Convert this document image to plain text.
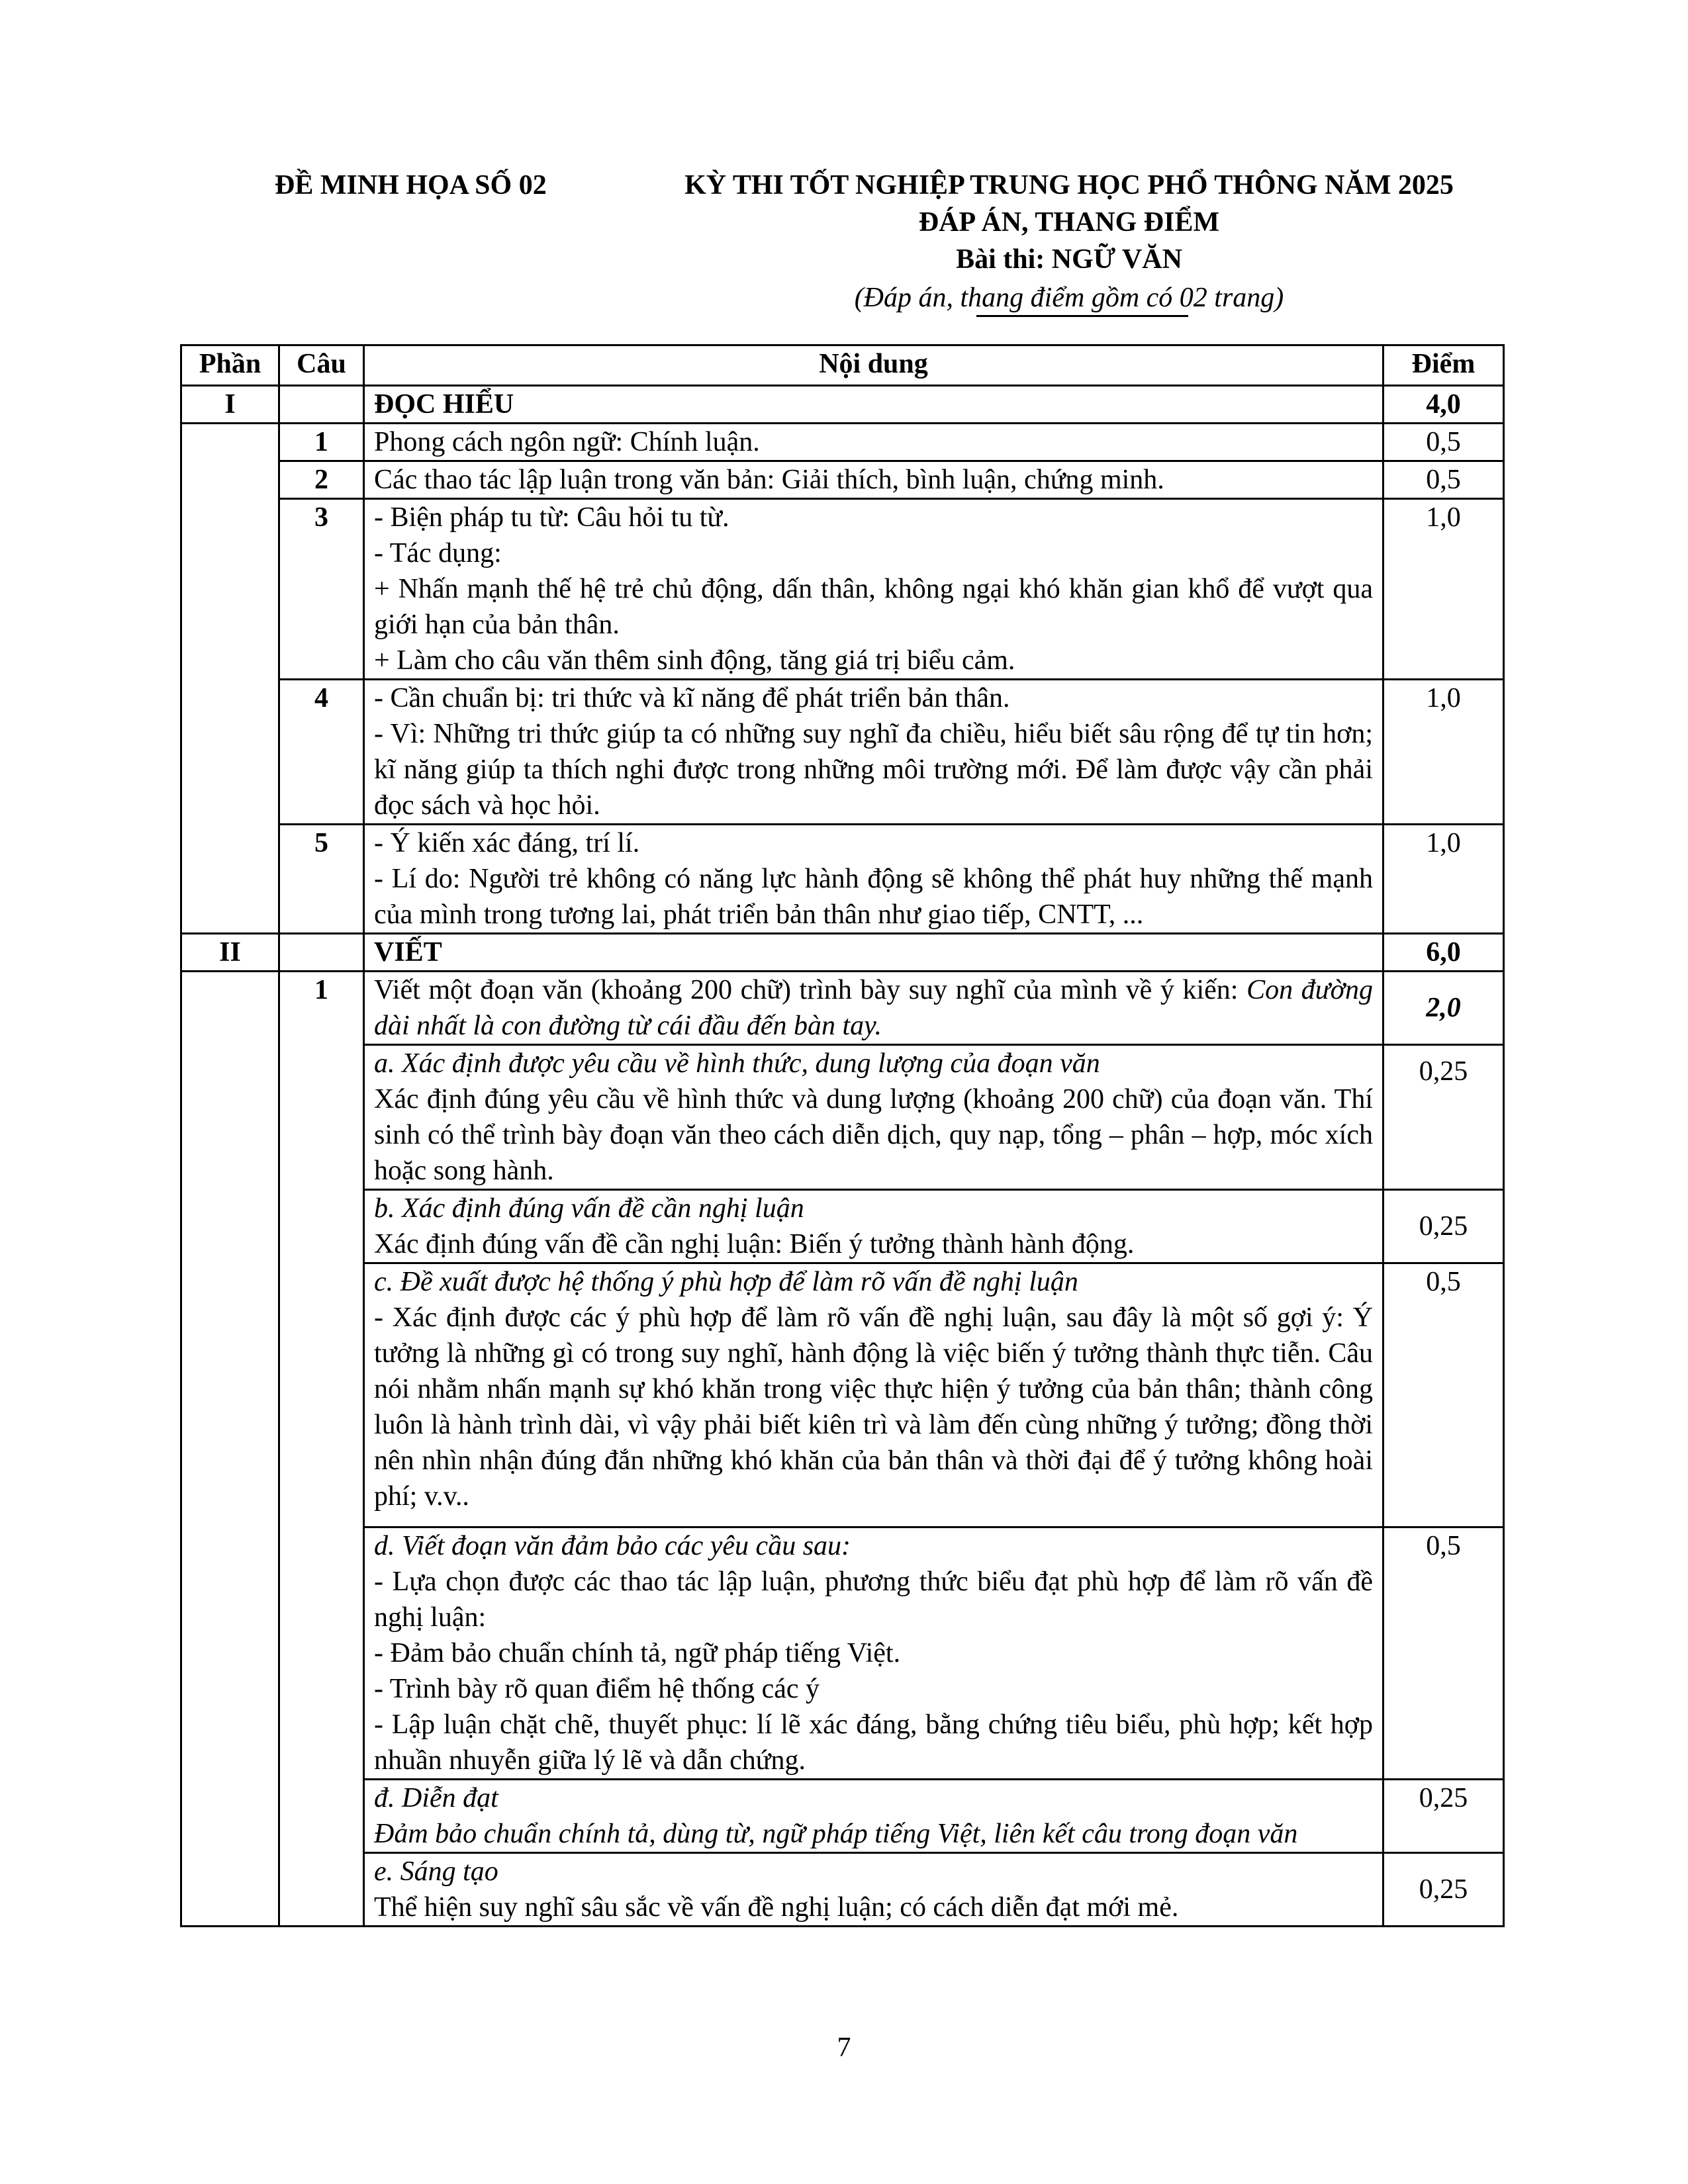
ĐỀ MINH HỌA SỐ 02	KỲ THI TỐT NGHIỆP TRUNG HỌC PHỔ THÔNG NĂM 2025
ĐÁP ÁN, THANG ĐIỂM
Bài thi: NGỮ VĂN
(Đáp án, thang điểm gồm có 02 trang)
Phần	Câu	Nội dung	Điểm
I		ĐỌC HIỂU	4,0
	1	Phong cách ngôn ngữ: Chính luận.	0,5
	2	Các thao tác lập luận trong văn bản: Giải thích, bình luận, chứng minh.	0,5
	3	- Biện pháp tu từ: Câu hỏi tu từ.
- Tác dụng:
+ Nhấn mạnh thế hệ trẻ chủ động, dấn thân, không ngại khó khăn gian khổ để vượt qua giới hạn của bản thân.
+ Làm cho câu văn thêm sinh động, tăng giá trị biểu cảm.	1,0
	4	- Cần chuẩn bị: tri thức và kĩ năng để phát triển bản thân.
- Vì: Những tri thức giúp ta có những suy nghĩ đa chiều, hiểu biết sâu rộng để tự tin hơn; kĩ năng giúp ta thích nghi được trong những môi trường mới. Để làm được vậy cần phải đọc sách và học hỏi.	1,0
	5	- Ý kiến xác đáng, trí lí.
- Lí do: Người trẻ không có năng lực hành động sẽ không thể phát huy những thế mạnh của mình trong tương lai, phát triển bản thân như giao tiếp, CNTT, ...	1,0
II		VIẾT	6,0
	1	Viết một đoạn văn (khoảng 200 chữ) trình bày suy nghĩ của mình về ý kiến: Con đường dài nhất là con đường từ cái đầu đến bàn tay.	2,0

		a. Xác định được yêu cầu về hình thức, dung lượng của đoạn văn
Xác định đúng yêu cầu về hình thức và dung lượng (khoảng 200 chữ) của đoạn văn. Thí sinh có thể trình bày đoạn văn theo cách diễn dịch, quy nạp, tổng – phân – hợp, móc xích hoặc song hành.	0,25

		b. Xác định đúng vấn đề cần nghị luận
Xác định đúng vấn đề cần nghị luận: Biến ý tưởng thành hành động.	0,25

		c. Đề xuất được hệ thống ý phù hợp để làm rõ vấn đề nghị luận
- Xác định được các ý phù hợp để làm rõ vấn đề nghị luận, sau đây là một số gợi ý: Ý tưởng là những gì có trong suy nghĩ, hành động là việc biến ý tưởng thành thực tiễn. Câu nói nhằm nhấn mạnh sự khó khăn trong việc thực hiện ý tưởng của bản thân; thành công luôn là hành trình dài, vì vậy phải biết kiên trì và làm đến cùng những ý tưởng; đồng thời nên nhìn nhận đúng đắn những khó khăn của bản thân và thời đại để ý tưởng không hoài phí; v.v..	0,5

		d. Viết đoạn văn đảm bảo các yêu cầu sau:
- Lựa chọn được các thao tác lập luận, phương thức biểu đạt phù hợp để làm rõ vấn đề nghị luận:
- Đảm bảo chuẩn chính tả, ngữ pháp tiếng Việt.
- Trình bày rõ quan điểm hệ thống các ý
- Lập luận chặt chẽ, thuyết phục: lí lẽ xác đáng, bằng chứng tiêu biểu, phù hợp; kết hợp nhuần nhuyễn giữa lý lẽ và dẫn chứng.	0,5

		đ. Diễn đạt
Đảm bảo chuẩn chính tả, dùng từ, ngữ pháp tiếng Việt, liên kết câu trong đoạn văn	0,25

		e. Sáng tạo
Thể hiện suy nghĩ sâu sắc về vấn đề nghị luận; có cách diễn đạt mới mẻ.	0,25
7
